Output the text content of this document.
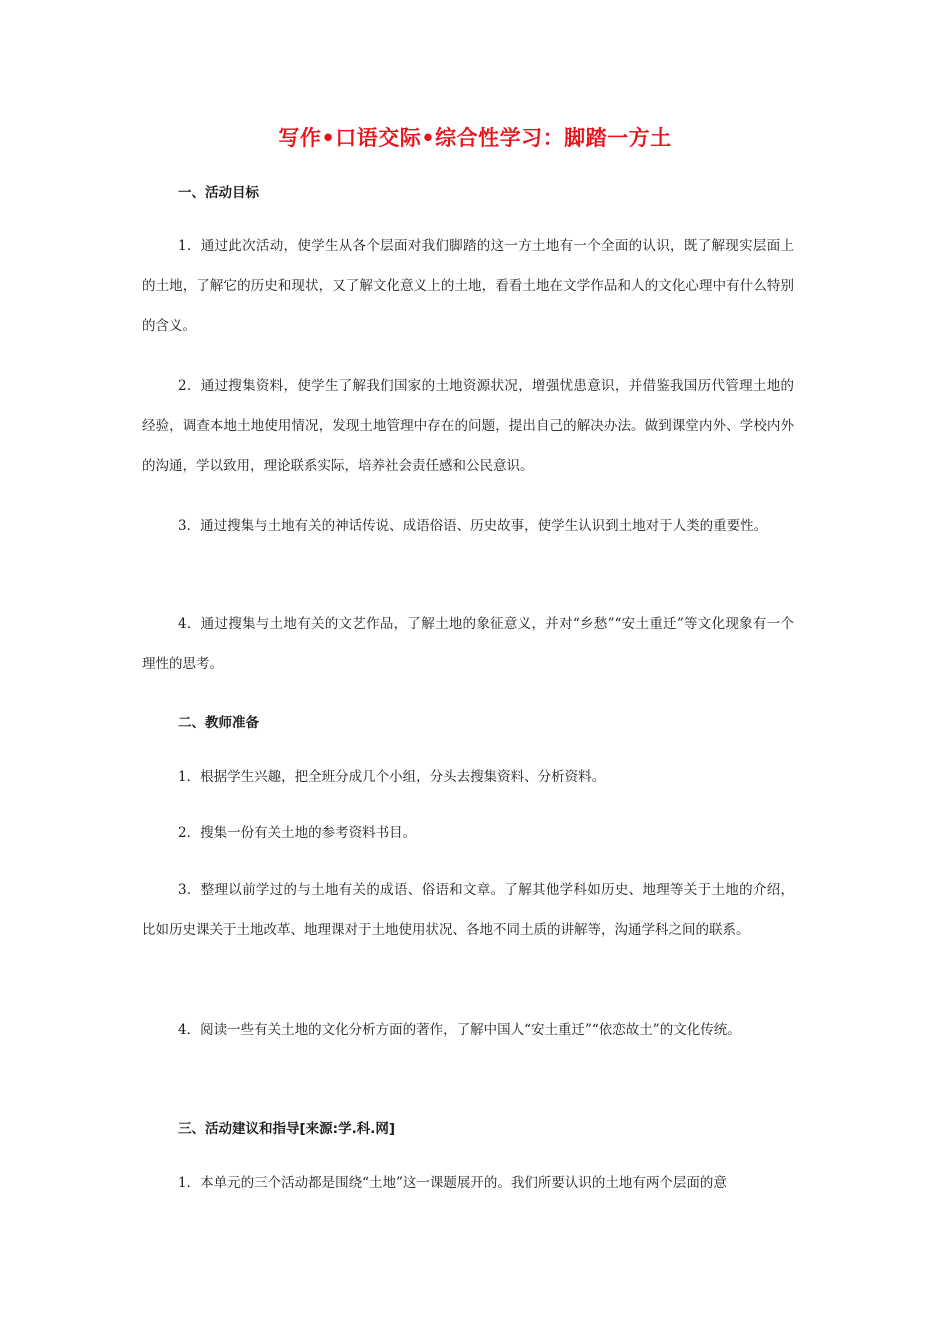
写作•口语交际•综合性学习：脚踏一方土
一、活动目标
1．通过此次活动，使学生从各个层面对我们脚踏的这一方土地有一个全面的认识，既了解现实层面上的土地，了解它的历史和现状，又了解文化意义上的土地，看看土地在文学作品和人的文化心理中有什么特别的含义。
2．通过搜集资料，使学生了解我们国家的土地资源状况，增强忧患意识，并借鉴我国历代管理土地的经验，调查本地土地使用情况，发现土地管理中存在的问题，提出自己的解决办法。做到课堂内外、学校内外的沟通，学以致用，理论联系实际，培养社会责任感和公民意识。
3．通过搜集与土地有关的神话传说、成语俗语、历史故事，使学生认识到土地对于人类的重要性。
4．通过搜集与土地有关的文艺作品，了解土地的象征意义，并对“乡愁”“安土重迁”等文化现象有一个理性的思考。
二、教师准备
1．根据学生兴趣，把全班分成几个小组，分头去搜集资料、分析资料。
2．搜集一份有关土地的参考资料书目。
3．整理以前学过的与土地有关的成语、俗语和文章。了解其他学科如历史、地理等关于土地的介绍，比如历史课关于土地改革、地理课对于土地使用状况、各地不同土质的讲解等，沟通学科之间的联系。
4．阅读一些有关土地的文化分析方面的著作，了解中国人“安土重迁”“依恋故土”的文化传统。
三、活动建议和指导[来源:学.科.网]
1．本单元的三个活动都是围绕“土地”这一课题展开的。我们所要认识的土地有两个层面的意
